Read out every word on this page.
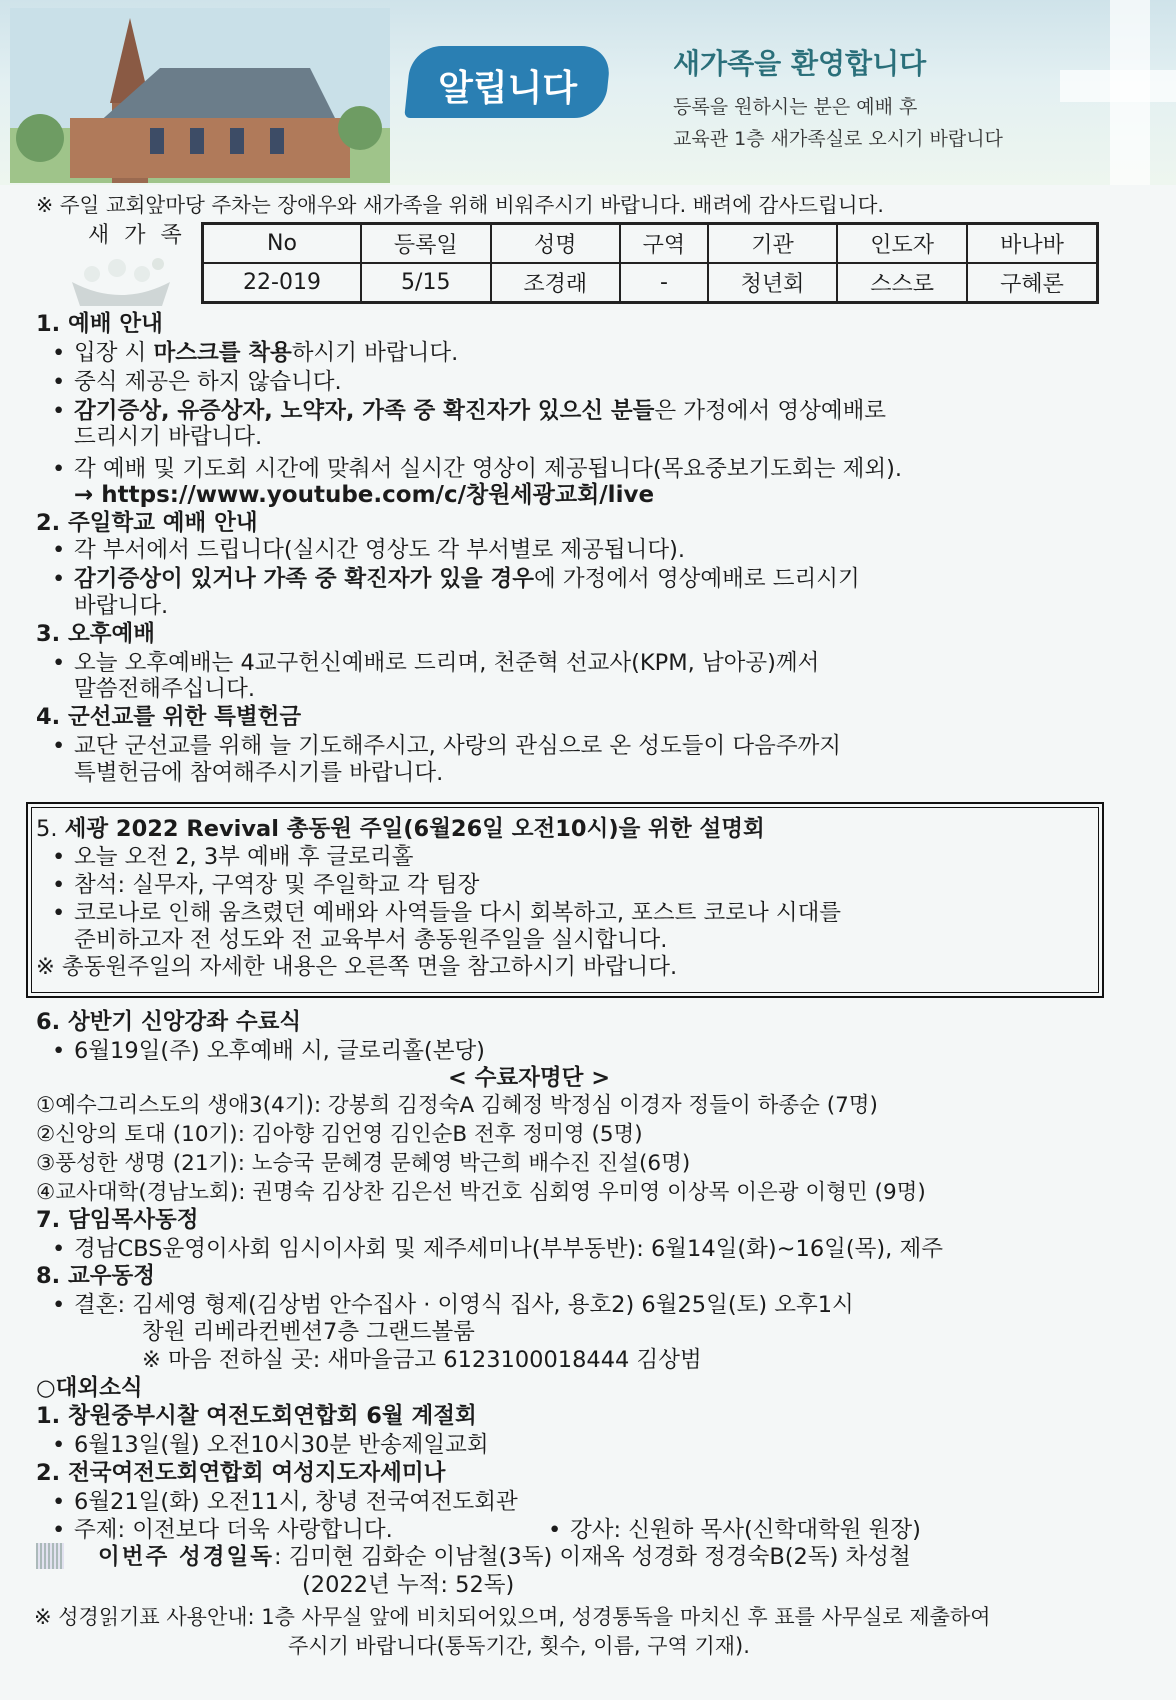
알립니다
새가족을 환영합니다
등록을 원하시는 분은 예배 후
교육관 1층 새가족실로 오시기 바랍니다
※ 주일 교회앞마당 주차는 장애우와 새가족을 위해 비워주시기 바랍니다. 배려에 감사드립니다.
새 가 족	No	등록일	성명	구역	기관	인도자	바나바
22-019	5/15	조경래	-	청년회	스스로	구혜론
1. 예배 안내
• 입장 시 마스크를 착용하시기 바랍니다.
• 중식 제공은 하지 않습니다.
• 감기증상, 유증상자, 노약자, 가족 중 확진자가 있으신 분들은 가정에서 영상예배로
드리시기 바랍니다.
• 각 예배 및 기도회 시간에 맞춰서 실시간 영상이 제공됩니다(목요중보기도회는 제외).
→ https://www.youtube.com/c/창원세광교회/live
2. 주일학교 예배 안내
• 각 부서에서 드립니다(실시간 영상도 각 부서별로 제공됩니다).
• 감기증상이 있거나 가족 중 확진자가 있을 경우에 가정에서 영상예배로 드리시기
바랍니다.
3. 오후예배
• 오늘 오후예배는 4교구헌신예배로 드리며, 천준혁 선교사(KPM, 남아공)께서
말씀전해주십니다.
4. 군선교를 위한 특별헌금
• 교단 군선교를 위해 늘 기도해주시고, 사랑의 관심으로 온 성도들이 다음주까지
특별헌금에 참여해주시기를 바랍니다.
5. 세광 2022 Revival 총동원 주일(6월26일 오전10시)을 위한 설명회
• 오늘 오전 2, 3부 예배 후 글로리홀
• 참석: 실무자, 구역장 및 주일학교 각 팀장
• 코로나로 인해 움츠렸던 예배와 사역들을 다시 회복하고, 포스트 코로나 시대를
준비하고자 전 성도와 전 교육부서 총동원주일을 실시합니다.
※ 총동원주일의 자세한 내용은 오른쪽 면을 참고하시기 바랍니다.
6. 상반기 신앙강좌 수료식
• 6월19일(주) 오후예배 시, 글로리홀(본당)
< 수료자명단 >
①예수그리스도의 생애3(4기): 강봉희 김정숙A 김혜정 박정심 이경자 정들이 하종순 (7명)
②신앙의 토대 (10기): 김아향 김언영 김인순B 전후 정미영 (5명)
③풍성한 생명 (21기): 노승국 문혜경 문혜영 박근희 배수진 진설(6명)
④교사대학(경남노회): 권명숙 김상찬 김은선 박건호 심회영 우미영 이상목 이은광 이형민 (9명)
7. 담임목사동정
• 경남CBS운영이사회 임시이사회 및 제주세미나(부부동반): 6월14일(화)~16일(목), 제주
8. 교우동정
• 결혼: 김세영 형제(김상범 안수집사 · 이영식 집사, 용호2) 6월25일(토) 오후1시
창원 리베라컨벤션7층 그랜드볼룸
※ 마음 전하실 곳: 새마을금고 6123100018444 김상범
○대외소식
1. 창원중부시찰 여전도회연합회 6월 계절회
• 6월13일(월) 오전10시30분 반송제일교회
2. 전국여전도회연합회 여성지도자세미나
• 6월21일(화) 오전11시, 창녕 전국여전도회관
• 주제: 이전보다 더욱 사랑합니다.	• 강사: 신원하 목사(신학대학원 원장)
이번주 성경일독: 김미현 김화순 이남철(3독) 이재옥 성경화 정경숙B(2독) 차성철
(2022년 누적: 52독)
※ 성경읽기표 사용안내: 1층 사무실 앞에 비치되어있으며, 성경통독을 마치신 후 표를 사무실로 제출하여
주시기 바랍니다(통독기간, 횟수, 이름, 구역 기재).
